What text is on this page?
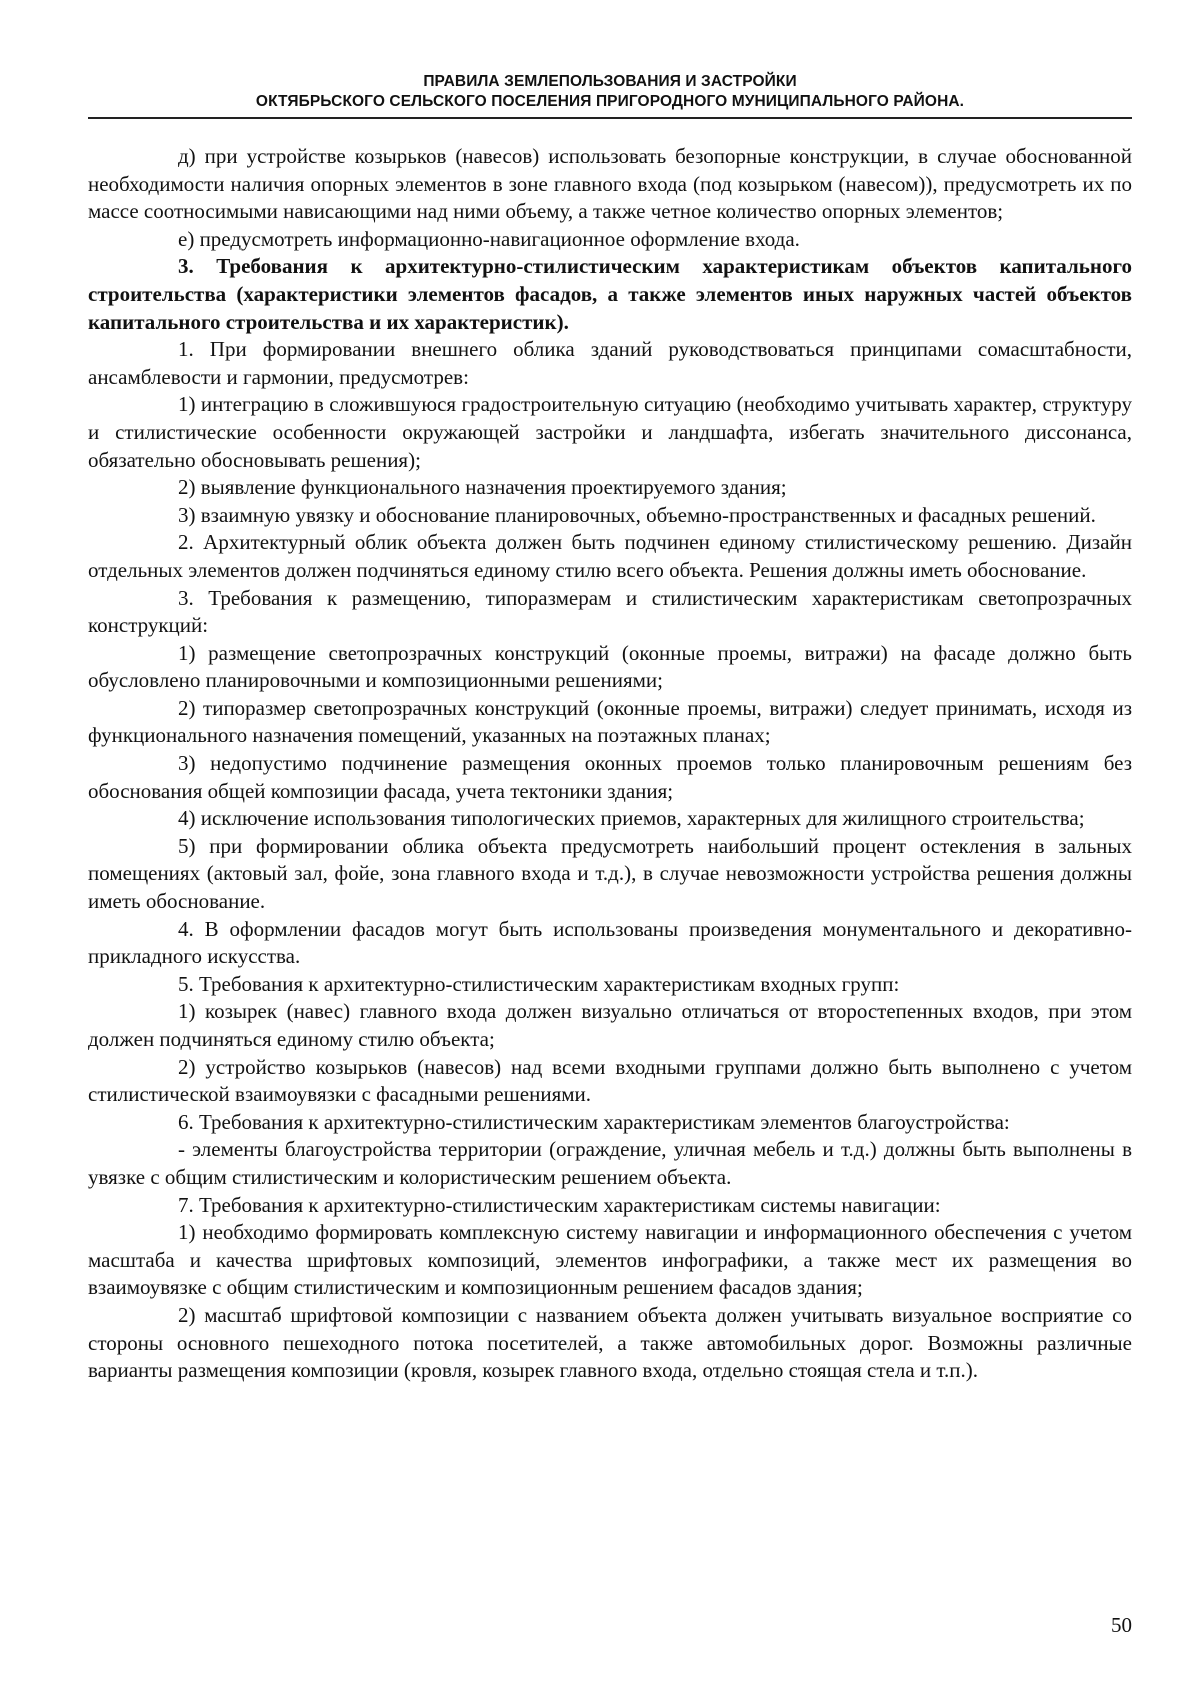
ПРАВИЛА ЗЕМЛЕПОЛЬЗОВАНИЯ И ЗАСТРОЙКИ
ОКТЯБРЬСКОГО СЕЛЬСКОГО ПОСЕЛЕНИЯ ПРИГОРОДНОГО МУНИЦИПАЛЬНОГО РАЙОНА.

д) при устройстве козырьков (навесов) использовать безопорные конструкции, в случае обоснованной необходимости наличия опорных элементов в зоне главного входа (под козырьком (навесом)), предусмотреть их по массе соотносимыми нависающими над ними объему, а также четное количество опорных элементов;

е) предусмотреть информационно-навигационное оформление входа.

3. Требования к архитектурно-стилистическим характеристикам объектов капитального строительства (характеристики элементов фасадов, а также элементов иных наружных частей объектов капитального строительства и их характеристик).

1. При формировании внешнего облика зданий руководствоваться принципами сомасштабности, ансамблевости и гармонии, предусмотрев:

1) интеграцию в сложившуюся градостроительную ситуацию (необходимо учитывать характер, структуру и стилистические особенности окружающей застройки и ландшафта, избегать значительного диссонанса, обязательно обосновывать решения);

2) выявление функционального назначения проектируемого здания;

3) взаимную увязку и обоснование планировочных, объемно-пространственных и фасадных решений.

2. Архитектурный облик объекта должен быть подчинен единому стилистическому решению. Дизайн отдельных элементов должен подчиняться единому стилю всего объекта. Решения должны иметь обоснование.

3. Требования к размещению, типоразмерам и стилистическим характеристикам светопрозрачных конструкций:

1) размещение светопрозрачных конструкций (оконные проемы, витражи) на фасаде должно быть обусловлено планировочными и композиционными решениями;

2) типоразмер светопрозрачных конструкций (оконные проемы, витражи) следует принимать, исходя из функционального назначения помещений, указанных на поэтажных планах;

3) недопустимо подчинение размещения оконных проемов только планировочным решениям без обоснования общей композиции фасада, учета тектоники здания;

4) исключение использования типологических приемов, характерных для жилищного строительства;

5) при формировании облика объекта предусмотреть наибольший процент остекления в зальных помещениях (актовый зал, фойе, зона главного входа и т.д.), в случае невозможности устройства решения должны иметь обоснование.

4. В оформлении фасадов могут быть использованы произведения монументального и декоративно-прикладного искусства.

5. Требования к архитектурно-стилистическим характеристикам входных групп:

1) козырек (навес) главного входа должен визуально отличаться от второстепенных входов, при этом должен подчиняться единому стилю объекта;

2) устройство козырьков (навесов) над всеми входными группами должно быть выполнено с учетом стилистической взаимоувязки с фасадными решениями.

6. Требования к архитектурно-стилистическим характеристикам элементов благоустройства:

- элементы благоустройства территории (ограждение, уличная мебель и т.д.) должны быть выполнены в увязке с общим стилистическим и колористическим решением объекта.

7. Требования к архитектурно-стилистическим характеристикам системы навигации:

1) необходимо формировать комплексную систему навигации и информационного обеспечения с учетом масштаба и качества шрифтовых композиций, элементов инфографики, а также мест их размещения во взаимоувязке с общим стилистическим и композиционным решением фасадов здания;

2) масштаб шрифтовой композиции с названием объекта должен учитывать визуальное восприятие со стороны основного пешеходного потока посетителей, а также автомобильных дорог. Возможны различные варианты размещения композиции (кровля, козырек главного входа, отдельно стоящая стела и т.п.).

50
